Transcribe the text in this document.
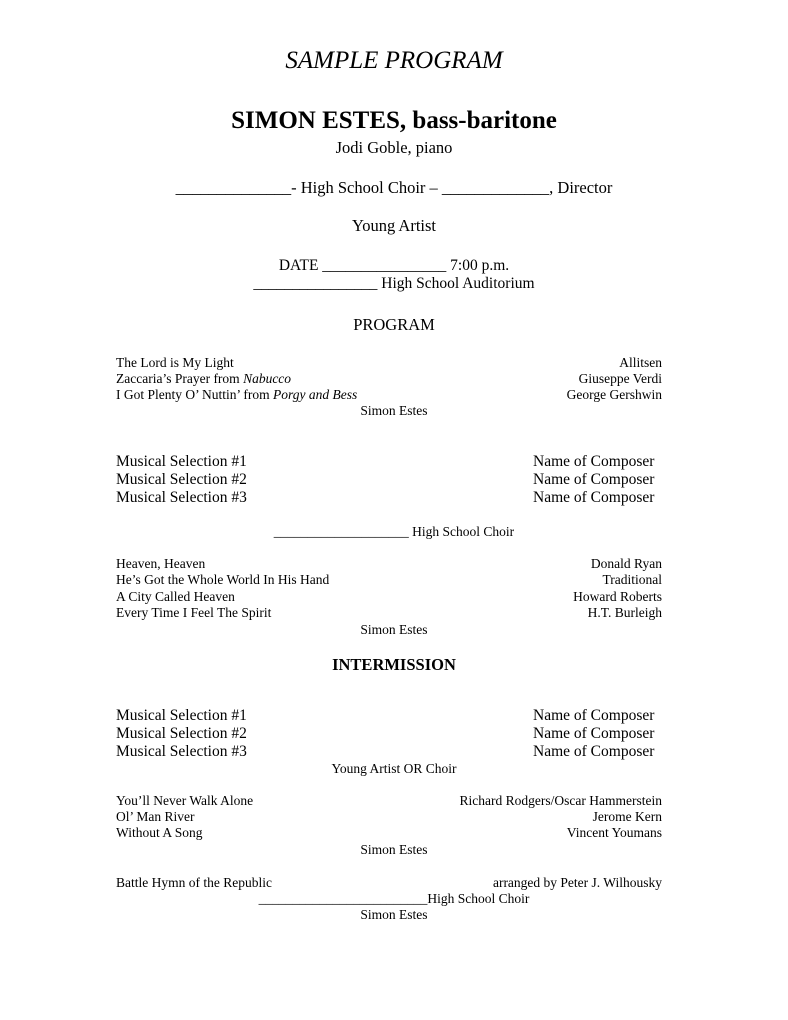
SAMPLE PROGRAM
SIMON ESTES, bass-baritone
Jodi Goble, piano
______________- High School Choir – _____________, Director
Young Artist
DATE ________________ 7:00 p.m.
________________ High School Auditorium
PROGRAM
The Lord is My Light	Allitsen
Zaccaria’s Prayer from Nabucco	Giuseppe Verdi
I Got Plenty O’ Nuttin’ from Porgy and Bess	George Gershwin
Simon Estes
Musical Selection #1	Name of Composer
Musical Selection #2	Name of Composer
Musical Selection #3	Name of Composer
____________________ High School Choir
Heaven, Heaven	Donald Ryan
He’s Got the Whole World In His Hand	Traditional
A City Called Heaven	Howard Roberts
Every Time I Feel The Spirit	H.T. Burleigh
Simon Estes
INTERMISSION
Musical Selection #1	Name of Composer
Musical Selection #2	Name of Composer
Musical Selection #3	Name of Composer
Young Artist OR Choir
You’ll Never Walk Alone	Richard Rodgers/Oscar Hammerstein
Ol’ Man River	Jerome Kern
Without A Song	Vincent Youmans
Simon Estes
Battle Hymn of the Republic	arranged by Peter J. Wilhousky
_________________________High School Choir
Simon Estes
